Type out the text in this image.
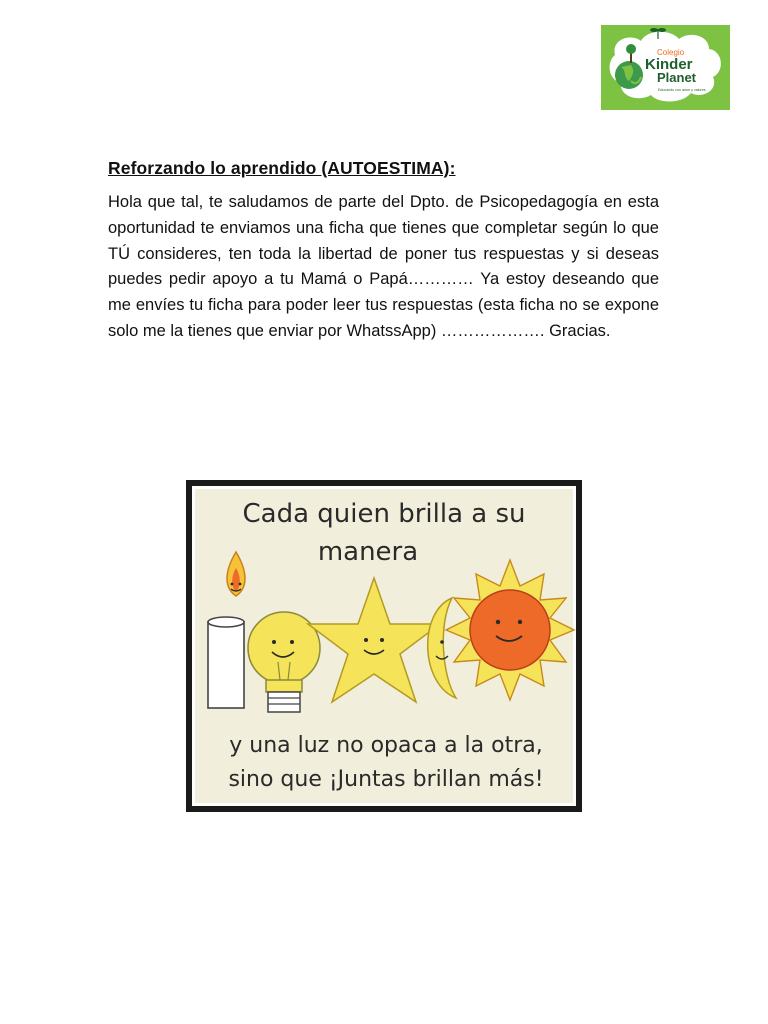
Colegio
Kinder
Planet
Educando con amor y valores

Reforzando lo aprendido (AUTOESTIMA):

Hola que tal, te saludamos de parte del Dpto. de Psicopedagogía en esta oportunidad te enviamos una ficha que tienes que completar según lo que TÚ consideres, ten toda la libertad de poner tus respuestas y si deseas puedes pedir apoyo a tu Mamá o Papá………… Ya estoy deseando que me envíes tu ficha para poder leer tus respuestas (esta ficha no se expone solo me la tienes que enviar por WhatssApp) ………………. Gracias.

Cada quien brilla a su
manera
y una luz no opaca a la otra,
sino que ¡Juntas brillan más!
